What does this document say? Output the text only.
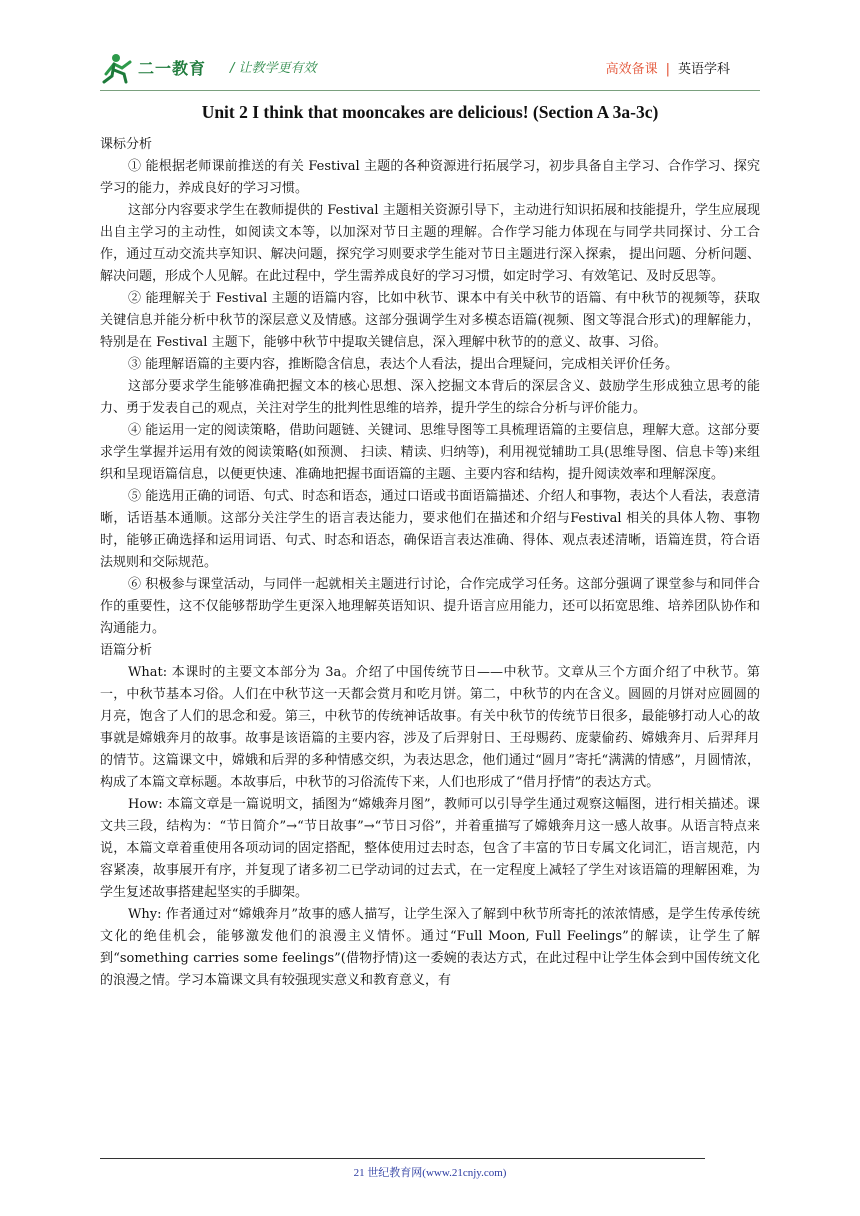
二一教育 / 让教学更有效	高效备课 | 英语学科
Unit 2 I think that mooncakes are delicious! (Section A 3a-3c)

课标分析

① 能根据老师课前推送的有关 Festival 主题的各种资源进行拓展学习，初步具备自主学习、合作学习、探究学习的能力，养成良好的学习习惯。

这部分内容要求学生在教师提供的 Festival 主题相关资源引导下，主动进行知识拓展和技能提升，学生应展现出自主学习的主动性，如阅读文本等，以加深对节日主题的理解。合作学习能力体现在与同学共同探讨、分工合作，通过互动交流共享知识、解决问题，探究学习则要求学生能对节日主题进行深入探索， 提出问题、分析问题、解决问题，形成个人见解。在此过程中，学生需养成良好的学习习惯，如定时学习、有效笔记、及时反思等。

② 能理解关于 Festival 主题的语篇内容，比如中秋节、课本中有关中秋节的语篇、有中秋节的视频等，获取关键信息并能分析中秋节的深层意义及情感。这部分强调学生对多模态语篇(视频、图文等混合形式)的理解能力，特别是在 Festival 主题下，能够中秋节中提取关键信息，深入理解中秋节的的意义、故事、习俗。

③ 能理解语篇的主要内容，推断隐含信息，表达个人看法，提出合理疑问，完成相关评价任务。

这部分要求学生能够准确把握文本的核心思想、深入挖掘文本背后的深层含义、鼓励学生形成独立思考的能力、勇于发表自己的观点，关注对学生的批判性思维的培养，提升学生的综合分析与评价能力。

④ 能运用一定的阅读策略，借助问题链、关键词、思维导图等工具梳理语篇的主要信息，理解大意。这部分要求学生掌握并运用有效的阅读策略(如预测、 扫读、精读、归纳等)，利用视觉辅助工具(思维导图、信息卡等)来组织和呈现语篇信息，以便更快速、准确地把握书面语篇的主题、主要内容和结构，提升阅读效率和理解深度。

⑤ 能选用正确的词语、句式、时态和语态，通过口语或书面语篇描述、介绍人和事物，表达个人看法，表意清晰，话语基本通顺。这部分关注学生的语言表达能力，要求他们在描述和介绍与Festival 相关的具体人物、事物时，能够正确选择和运用词语、句式、时态和语态，确保语言表达准确、得体、观点表述清晰，语篇连贯，符合语法规则和交际规范。

⑥ 积极参与课堂活动，与同伴一起就相关主题进行讨论，合作完成学习任务。这部分强调了课堂参与和同伴合作的重要性，这不仅能够帮助学生更深入地理解英语知识、提升语言应用能力，还可以拓宽思维、培养团队协作和沟通能力。

语篇分析

What: 本课时的主要文本部分为 3a。介绍了中国传统节日——中秋节。文章从三个方面介绍了中秋节。第一，中秋节基本习俗。人们在中秋节这一天都会赏月和吃月饼。第二，中秋节的内在含义。圆圆的月饼对应圆圆的月亮，饱含了人们的思念和爱。第三，中秋节的传统神话故事。有关中秋节的传统节日很多，最能够打动人心的故事就是嫦娥奔月的故事。故事是该语篇的主要内容，涉及了后羿射日、王母赐药、庞蒙偷药、嫦娥奔月、后羿拜月的情节。这篇课文中，嫦娥和后羿的多种情感交织，为表达思念，他们通过“圆月”寄托“满满的情感”，月圆情浓，构成了本篇文章标题。本故事后，中秋节的习俗流传下来，人们也形成了“借月抒情”的表达方式。

How: 本篇文章是一篇说明文，插图为“嫦娥奔月图”，教师可以引导学生通过观察这幅图，进行相关描述。课文共三段，结构为：“节日简介”→“节日故事”→“节日习俗”，并着重描写了嫦娥奔月这一感人故事。从语言特点来说，本篇文章着重使用各项动词的固定搭配，整体使用过去时态，包含了丰富的节日专属文化词汇，语言规范，内容紧凑，故事展开有序，并复现了诸多初二已学动词的过去式，在一定程度上减轻了学生对该语篇的理解困难，为学生复述故事搭建起坚实的手脚架。

Why: 作者通过对“嫦娥奔月”故事的感人描写，让学生深入了解到中秋节所寄托的浓浓情感，是学生传承传统文化的绝佳机会，能够激发他们的浪漫主义情怀。通过“Full Moon, Full Feelings”的解读，让学生了解到“something carries some feelings”(借物抒情)这一委婉的表达方式，在此过程中让学生体会到中国传统文化的浪漫之情。学习本篇课文具有较强现实意义和教育意义，有

21 世纪教育网(www.21cnjy.com)
